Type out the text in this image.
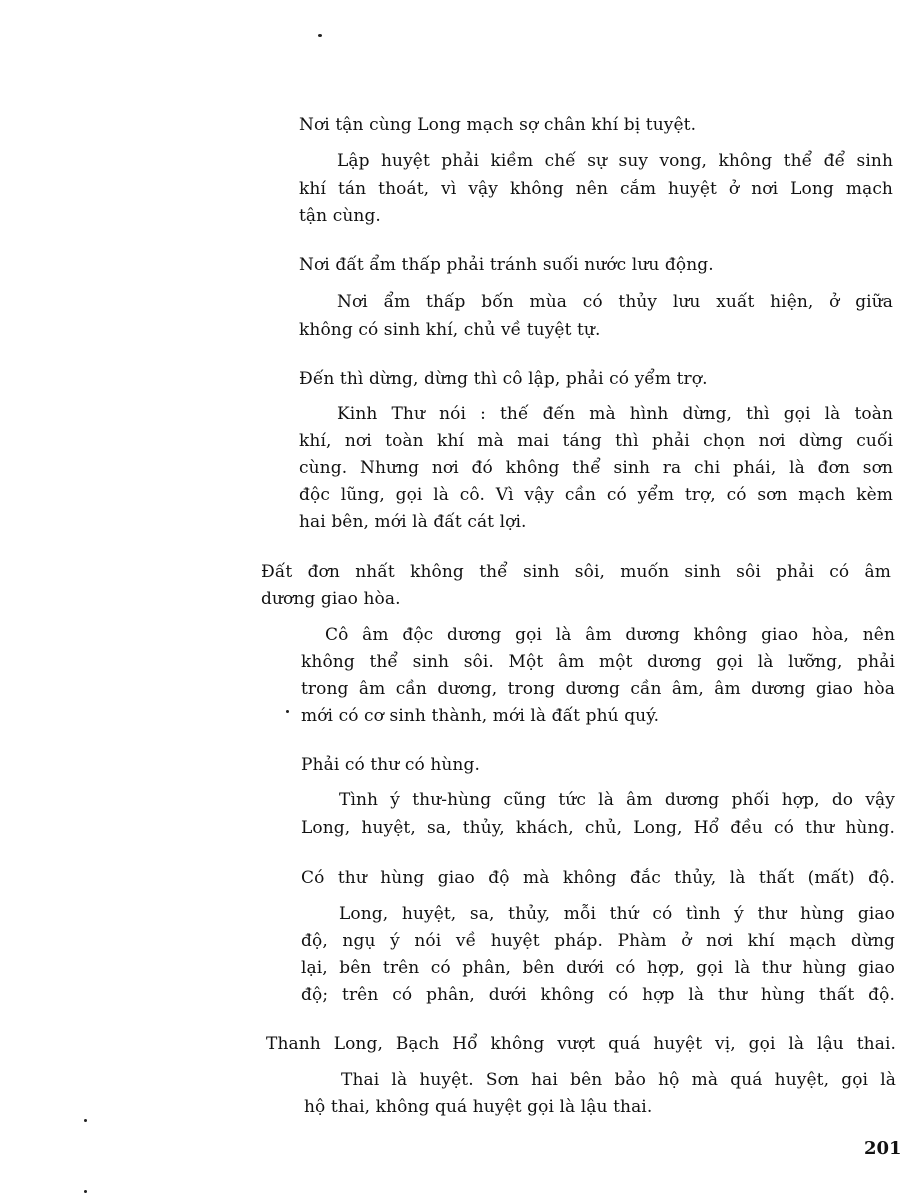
Nơi tận cùng Long mạch sợ chân khí bị tuyệt.

Lập huyệt phải kiềm chế sự suy vong, không thể để sinh

khí tán thoát, vì vậy không nên cắm huyệt ở nơi Long mạch

tận cùng.

Nơi đất ẩm thấp phải tránh suối nước lưu động.

Nơi ẩm thấp bốn mùa có thủy lưu xuất hiện, ở giữa

không có sinh khí, chủ về tuyệt tự.

Đến thì dừng, dừng thì cô lập, phải có yểm trợ.

Kinh Thư nói : thế đến mà hình dừng, thì gọi là toàn

khí, nơi toàn khí mà mai táng thì phải chọn nơi dừng cuối

cùng. Nhưng nơi đó không thể sinh ra chi phái, là đơn sơn

độc lũng, gọi là cô. Vì vậy cần có yểm trợ, có sơn mạch kèm

hai bên, mới là đất cát lợi.

Đất đơn nhất không thể sinh sôi, muốn sinh sôi phải có âm

dương giao hòa.

Cô âm độc dương gọi là âm dương không giao hòa, nên

không thể sinh sôi. Một âm một dương gọi là lưỡng, phải

trong âm cần dương, trong dương cần âm, âm dương giao hòa

mới có cơ sinh thành, mới là đất phú quý.

Phải có thư có hùng.

Tình ý thư-hùng cũng tức là âm dương phối hợp, do vậy

Long, huyệt, sa, thủy, khách, chủ, Long, Hổ đều có thư hùng.

Có thư hùng giao độ mà không đắc thủy, là thất (mất) độ.

Long, huyệt, sa, thủy, mỗi thứ có tình ý thư hùng giao

độ, ngụ ý nói về huyệt pháp. Phàm ở nơi khí mạch dừng

lại, bên trên có phân, bên dưới có hợp, gọi là thư hùng giao

độ; trên có phân, dưới không có hợp là thư hùng thất độ.

Thanh Long, Bạch Hổ không vượt quá huyệt vị, gọi là lậu thai.

Thai là huyệt. Sơn hai bên bảo hộ mà quá huyệt, gọi là

hộ thai, không quá huyệt gọi là lậu thai.

201
